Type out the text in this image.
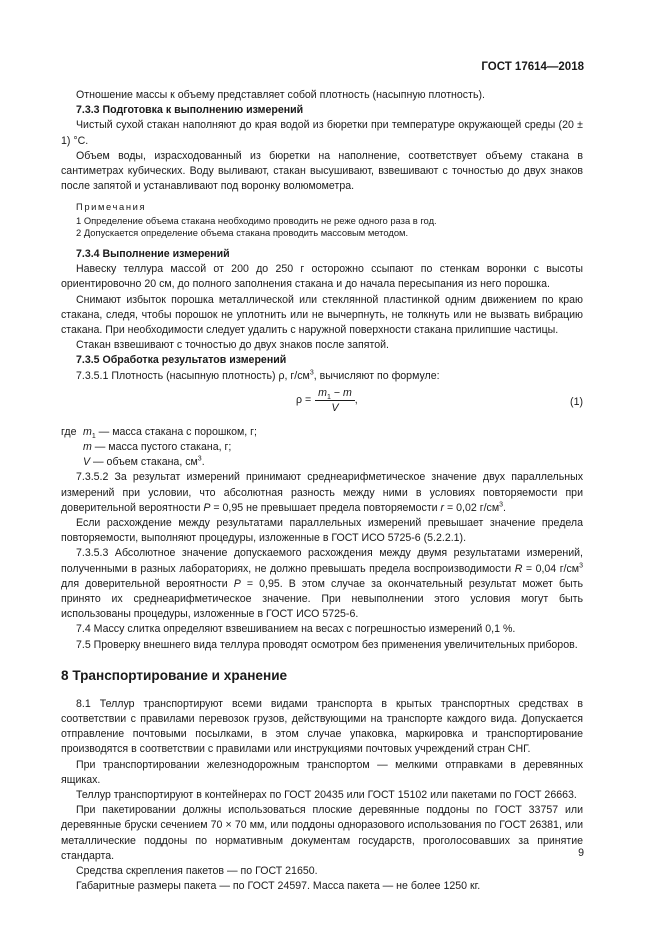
ГОСТ 17614—2018

Отношение массы к объему представляет собой плотность (насыпную плотность).

7.3.3 Подготовка к выполнению измерений

Чистый сухой стакан наполняют до края водой из бюретки при температуре окружающей среды (20 ± 1) °С.

Объем воды, израсходованный из бюретки на наполнение, соответствует объему стакана в сантиметрах кубических. Воду выливают, стакан высушивают, взвешивают с точностью до двух знаков после запятой и устанавливают под воронку волюмометра.

Примечания
1 Определение объема стакана необходимо проводить не реже одного раза в год.
2 Допускается определение объема стакана проводить массовым методом.

7.3.4 Выполнение измерений

Навеску теллура массой от 200 до 250 г осторожно ссыпают по стенкам воронки с высоты ориентировочно 20 см, до полного заполнения стакана и до начала пересыпания из него порошка.

Снимают избыток порошка металлической или стеклянной пластинкой одним движением по краю стакана, следя, чтобы порошок не уплотнить или не вычерпнуть, не толкнуть или не вызвать вибрацию стакана. При необходимости следует удалить с наружной поверхности стакана прилипшие частицы.

Стакан взвешивают с точностью до двух знаков после запятой.

7.3.5 Обработка результатов измерений

7.3.5.1 Плотность (насыпную плотность) ρ, $г/см^3$, вычисляют по формуле:

$\rho = \frac{m_1 - m}{V}$ ,	(1)
где $m_1$ — масса стакана с порошком, г;
m — масса пустого стакана, г;
V — объем стакана, $см^3$.

7.3.5.2 За результат измерений принимают среднеарифметическое значение двух параллельных измерений при условии, что абсолютная разность между ними в условиях повторяемости при доверительной вероятности P = 0,95 не превышает предела повторяемости r = 0,02 $г/см^3$.

Если расхождение между результатами параллельных измерений превышает значение предела повторяемости, выполняют процедуры, изложенные в ГОСТ ИСО 5725-6 (5.2.2.1).

7.3.5.3 Абсолютное значение допускаемого расхождения между двумя результатами измерений, полученными в разных лабораториях, не должно превышать предела воспроизводимости R = 0,04 $г/см^3$ для доверительной вероятности P = 0,95. В этом случае за окончательный результат может быть принято их среднеарифметическое значение. При невыполнении этого условия могут быть использованы процедуры, изложенные в ГОСТ ИСО 5725-6.

7.4 Массу слитка определяют взвешиванием на весах с погрешностью измерений 0,1 %.

7.5 Проверку внешнего вида теллура проводят осмотром без применения увеличительных приборов.

8 Транспортирование и хранение

8.1 Теллур транспортируют всеми видами транспорта в крытых транспортных средствах в соответствии с правилами перевозок грузов, действующими на транспорте каждого вида. Допускается отправление почтовыми посылками, в этом случае упаковка, маркировка и транспортирование производятся в соответствии с правилами или инструкциями почтовых учреждений стран СНГ.

При транспортировании железнодорожным транспортом — мелкими отправками в деревянных ящиках.

Теллур транспортируют в контейнерах по ГОСТ 20435 или ГОСТ 15102 или пакетами по ГОСТ 26663.

При пакетировании должны использоваться плоские деревянные поддоны по ГОСТ 33757 или деревянные бруски сечением 70 × 70 мм, или поддоны одноразового использования по ГОСТ 26381, или металлические поддоны по нормативным документам государств, проголосовавших за принятие стандарта.

Средства скрепления пакетов — по ГОСТ 21650.

Габаритные размеры пакета — по ГОСТ 24597. Масса пакета — не более 1250 кг.

9
